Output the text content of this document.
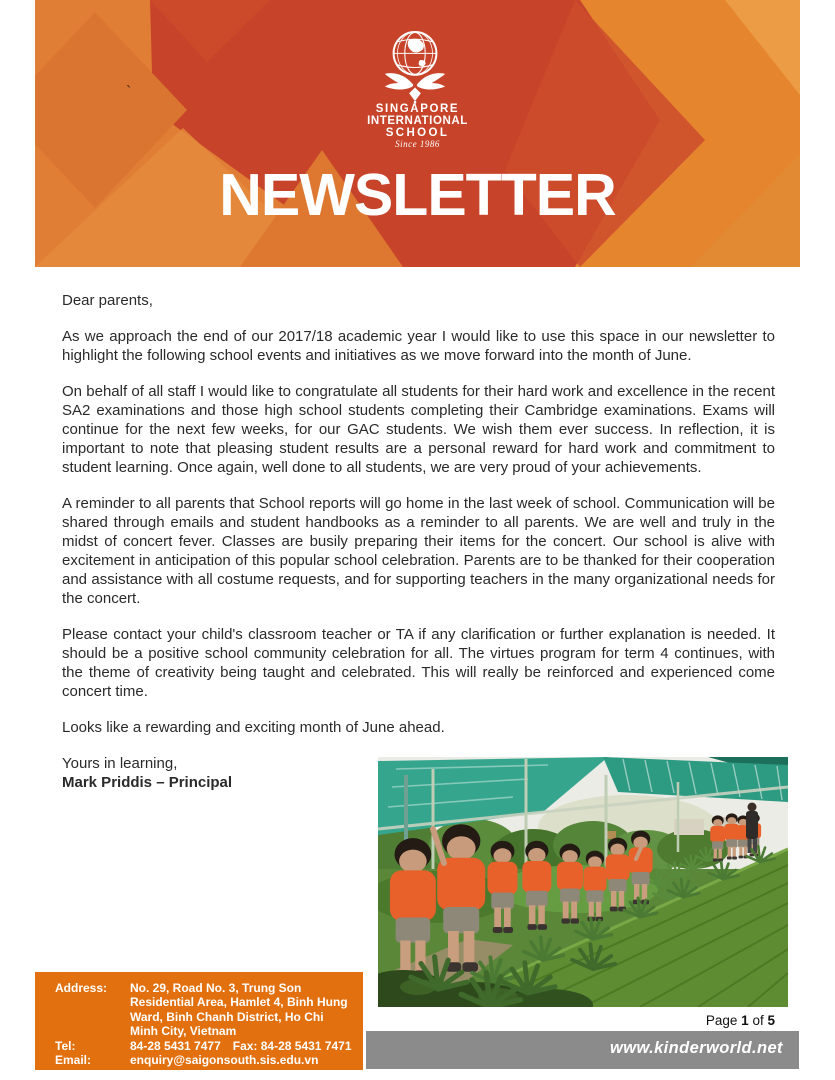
SINGAPORE
INTERNATIONAL
SCHOOL
Since 1986
NEWSLETTER
`

Dear parents,

As we approach the end of our 2017/18 academic year I would like to use this space in our newsletter to highlight the following school events and initiatives as we move forward into the month of June.

On behalf of all staff I would like to congratulate all students for their hard work and excellence in the recent SA2 examinations and those high school students completing their Cambridge examinations. Exams will continue for the next few weeks, for our GAC students. We wish them ever success. In reflection, it is important to note that pleasing student results are a personal reward for hard work and commitment to student learning. Once again, well done to all students, we are very proud of your achievements.

A reminder to all parents that School reports will go home in the last week of school. Communication will be shared through emails and student handbooks as a reminder to all parents. We are well and truly in the midst of concert fever. Classes are busily preparing their items for the concert. Our school is alive with excitement in anticipation of this popular school celebration. Parents are to be thanked for their cooperation and assistance with all costume requests, and for supporting teachers in the many organizational needs for the concert.

Please contact your child's classroom teacher or TA if any clarification or further explanation is needed. It should be a positive school community celebration for all. The virtues program for term 4 continues, with the theme of creativity being taught and celebrated. This will really be reinforced and experienced come concert time.

Looks like a rewarding and exciting month of June ahead.

Yours in learning,

Mark Priddis – Principal

Page 1 of 5
www.kinderworld.net
Address: No. 29, Road No. 3, Trung Son
Residential Area, Hamlet 4, Binh Hung
Ward, Binh Chanh District, Ho Chi
Minh City, Vietnam
Tel:	84-28 5431 7477 Fax: 84-28 5431 7471
Email:	enquiry@saigonsouth.sis.edu.vn
